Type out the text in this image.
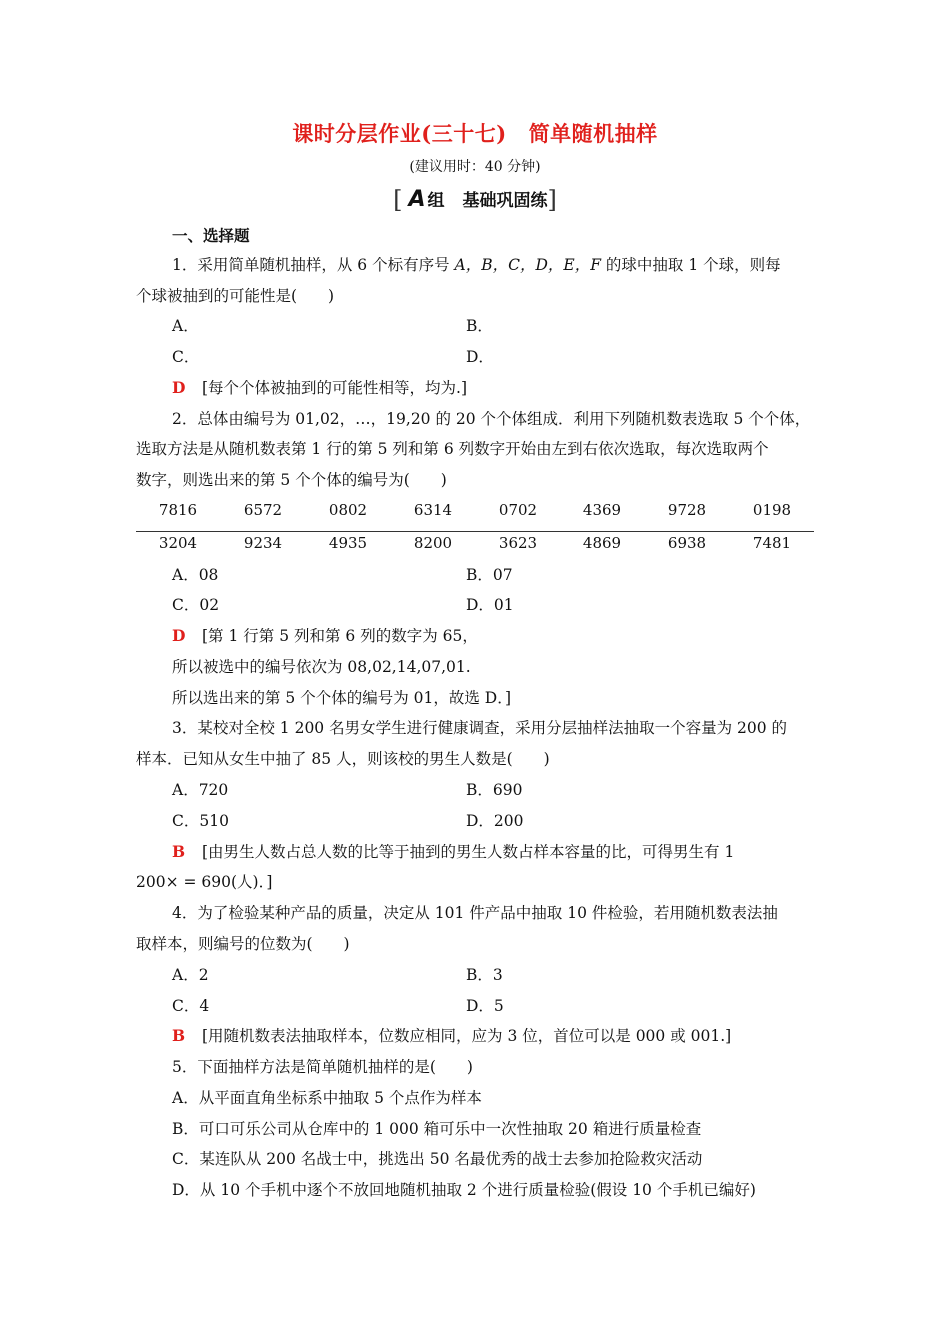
课时分层作业(三十七) 简单随机抽样
(建议用时：40 分钟)
[ A 组 基础巩固练]
一、选择题
1．采用简单随机抽样，从 6 个标有序号 A，B，C，D，E，F 的球中抽取 1 个球，则每
个球被抽到的可能性是(　　)
A．	B．
C．	D．
D [每个个体被抽到的可能性相等，均为.]
2．总体由编号为 01,02，…，19,20 的 20 个个体组成．利用下列随机数表选取 5 个个体，
选取方法是从随机数表第 1 行的第 5 列和第 6 列数字开始由左到右依次选取，每次选取两个
数字，则选出来的第 5 个个体的编号为(　　)
7816	6572	0802	6314	0702	4369	9728	0198
3204	9234	4935	8200	3623	4869	6938	7481
A．08	B．07
C．02	D．01
D [第 1 行第 5 列和第 6 列的数字为 65，
所以被选中的编号依次为 08,02,14,07,01.
所以选出来的第 5 个个体的编号为 01，故选 D．]
3．某校对全校 1 200 名男女学生进行健康调查，采用分层抽样法抽取一个容量为 200 的
样本．已知从女生中抽了 85 人，则该校的男生人数是(　　)
A．720	B．690
C．510	D．200
B [由男生人数占总人数的比等于抽到的男生人数占样本容量的比，可得男生有 1
200× = 690(人)．]
4．为了检验某种产品的质量，决定从 101 件产品中抽取 10 件检验，若用随机数表法抽
取样本，则编号的位数为(　　)
A．2	B．3
C．4	D．5
B [用随机数表法抽取样本，位数应相同，应为 3 位，首位可以是 000 或 001.]
5．下面抽样方法是简单随机抽样的是(　　)
A．从平面直角坐标系中抽取 5 个点作为样本
B．可口可乐公司从仓库中的 1 000 箱可乐中一次性抽取 20 箱进行质量检查
C．某连队从 200 名战士中，挑选出 50 名最优秀的战士去参加抢险救灾活动
D．从 10 个手机中逐个不放回地随机抽取 2 个进行质量检验(假设 10 个手机已编好)
